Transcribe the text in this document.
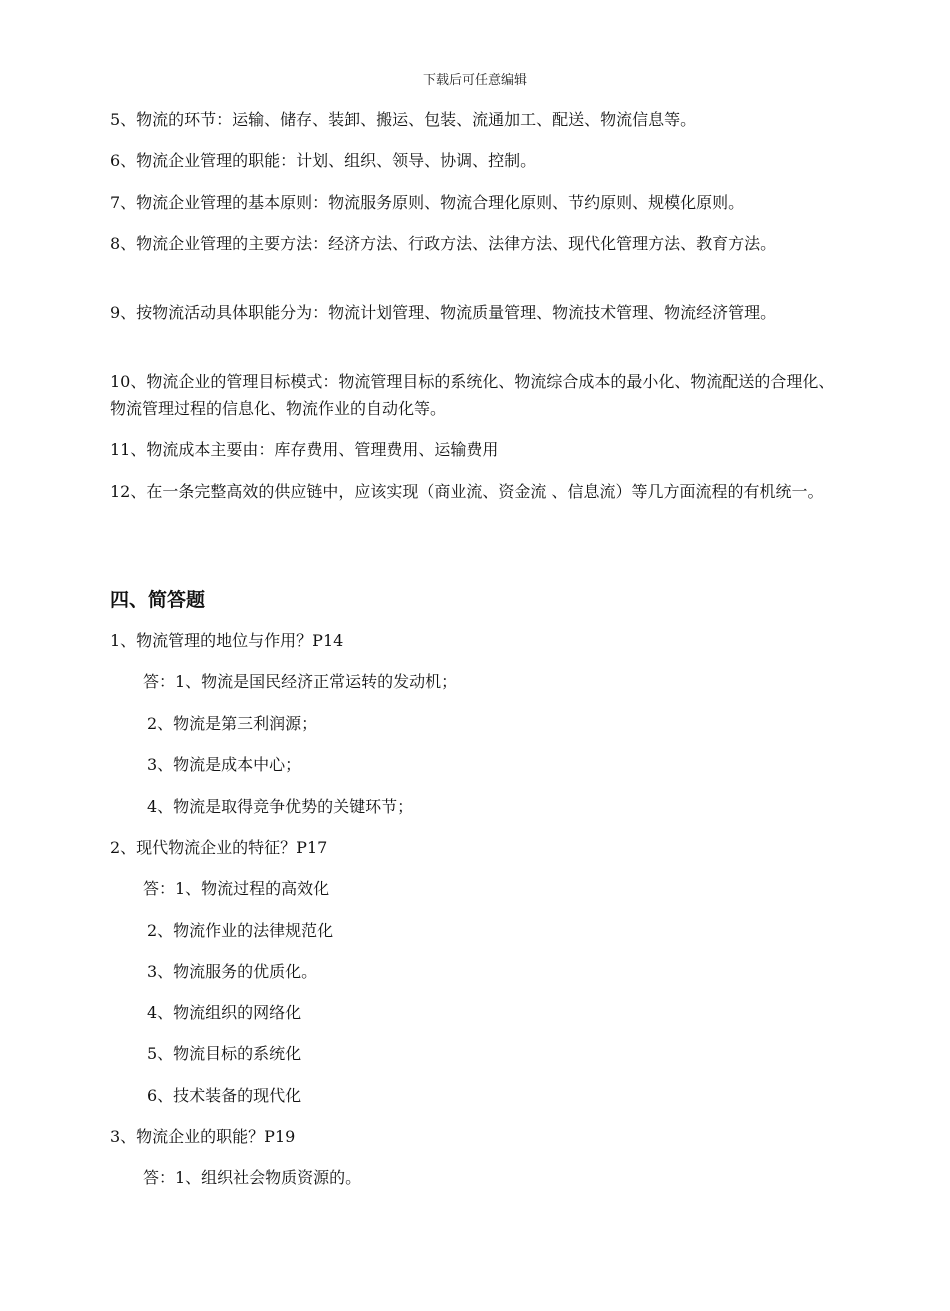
下载后可任意编辑
5、物流的环节：运输、储存、装卸、搬运、包装、流通加工、配送、物流信息等。
6、物流企业管理的职能：计划、组织、领导、协调、控制。
7、物流企业管理的基本原则：物流服务原则、物流合理化原则、节约原则、规模化原则。
8、物流企业管理的主要方法：经济方法、行政方法、法律方法、现代化管理方法、教育方法。
9、按物流活动具体职能分为：物流计划管理、物流质量管理、物流技术管理、物流经济管理。
10、物流企业的管理目标模式：物流管理目标的系统化、物流综合成本的最小化、物流配送的合理化、物流管理过程的信息化、物流作业的自动化等。
11、物流成本主要由：库存费用、管理费用、运输费用
12、在一条完整高效的供应链中，应该实现（商业流、资金流 、信息流）等几方面流程的有机统一。
四、简答题
1、物流管理的地位与作用？P14
答：1、物流是国民经济正常运转的发动机；
2、物流是第三利润源；
3、物流是成本中心；
4、物流是取得竞争优势的关键环节；
2、现代物流企业的特征？P17
答：1、物流过程的高效化
2、物流作业的法律规范化
3、物流服务的优质化。
4、物流组织的网络化
5、物流目标的系统化
6、技术装备的现代化
3、物流企业的职能？P19
答：1、组织社会物质资源的。
